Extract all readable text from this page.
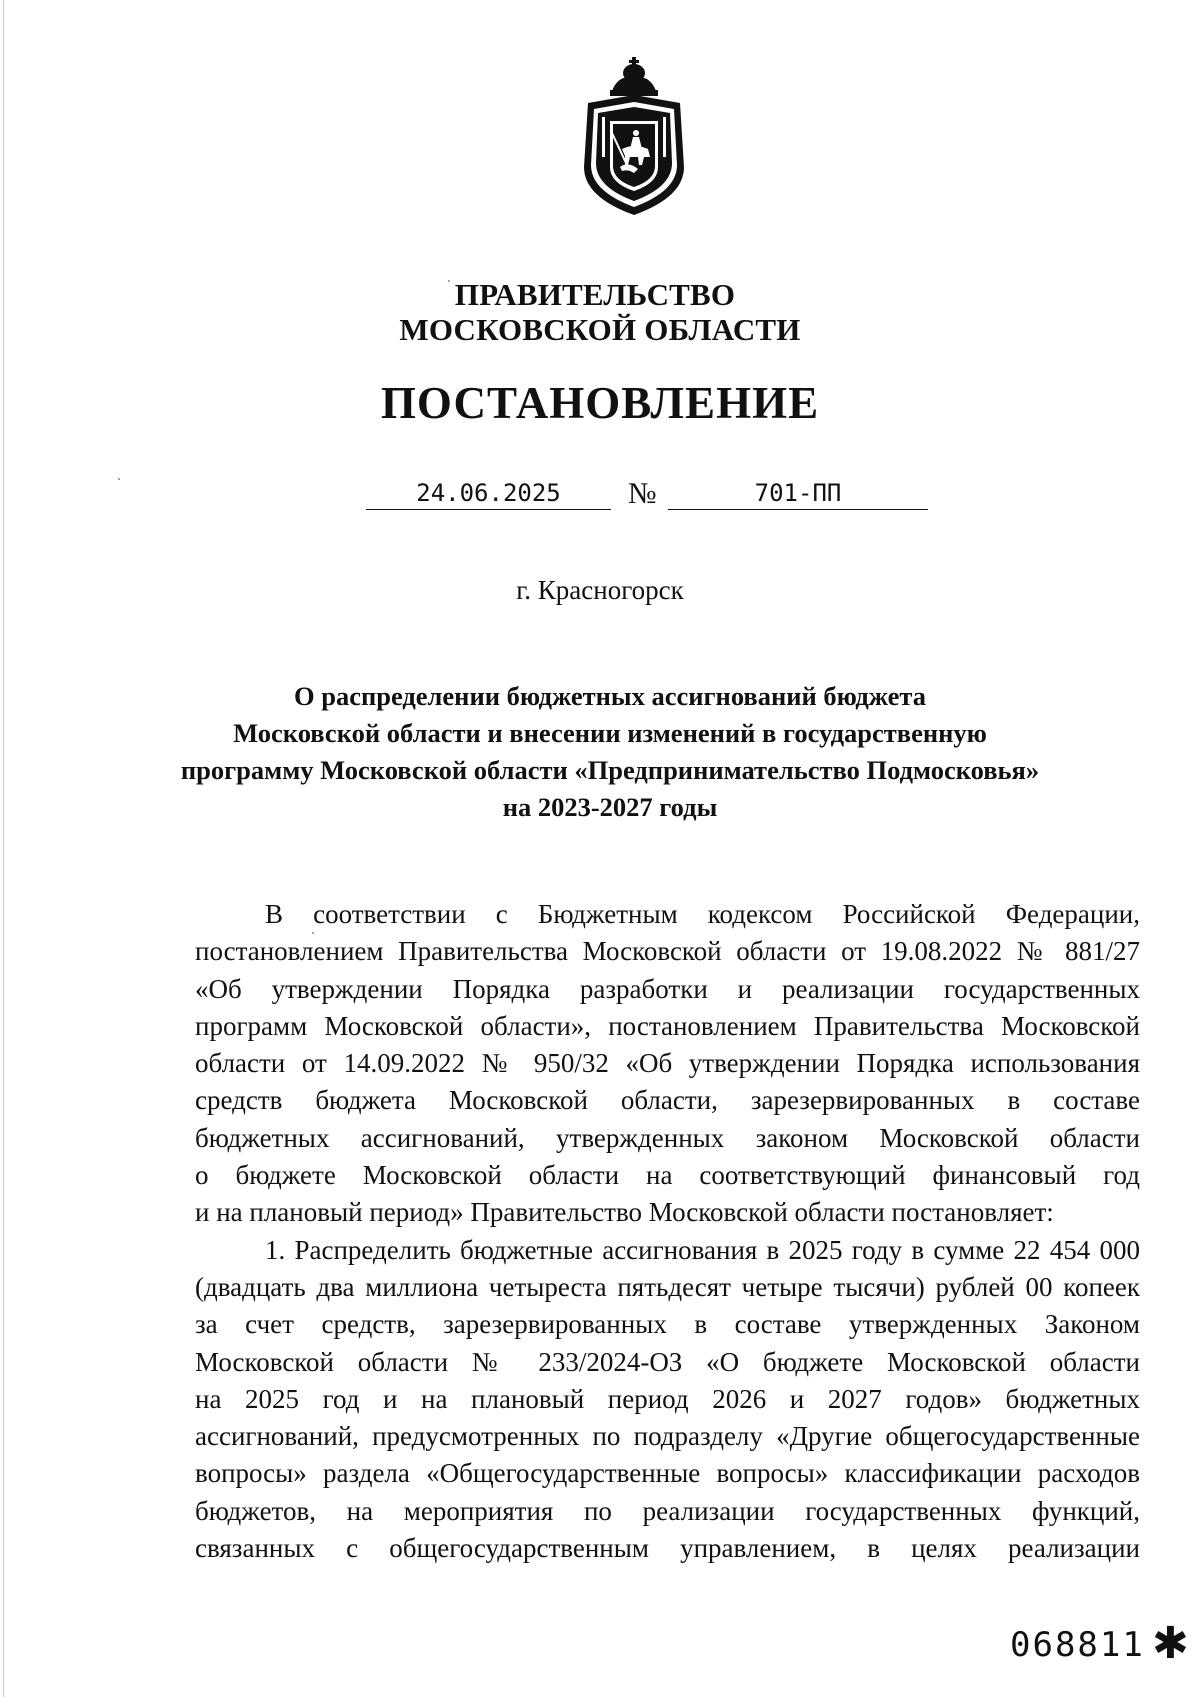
ПРАВИТЕЛЬСТВО
МОСКОВСКОЙ ОБЛАСТИ
ПОСТАНОВЛЕНИЕ
24.06.2025	№	701-ПП
г. Красногорск
О распределении бюджетных ассигнований бюджета
Московской области и внесении изменений в государственную
программу Московской области «Предпринимательство Подмосковья»
на 2023-2027 годы
В соответствии с Бюджетным кодексом Российской Федерации,
постановлением Правительства Московской области от 19.08.2022 № 881/27
«Об утверждении Порядка разработки и реализации государственных
программ Московской области», постановлением Правительства Московской
области от 14.09.2022 № 950/32 «Об утверждении Порядка использования
средств бюджета Московской области, зарезервированных в составе
бюджетных ассигнований, утвержденных законом Московской области
о бюджете Московской области на соответствующий финансовый год
и на плановый период» Правительство Московской области постановляет:
1. Распределить бюджетные ассигнования в 2025 году в сумме 22 454 000
(двадцать два миллиона четыреста пятьдесят четыре тысячи) рублей 00 копеек
за счет средств, зарезервированных в составе утвержденных Законом
Московской области № 233/2024-ОЗ «О бюджете Московской области
на 2025 год и на плановый период 2026 и 2027 годов» бюджетных
ассигнований, предусмотренных по подразделу «Другие общегосударственные
вопросы» раздела «Общегосударственные вопросы» классификации расходов
бюджетов, на мероприятия по реализации государственных функций,
связанных с общегосударственным управлением, в целях реализации
068811 ✱
